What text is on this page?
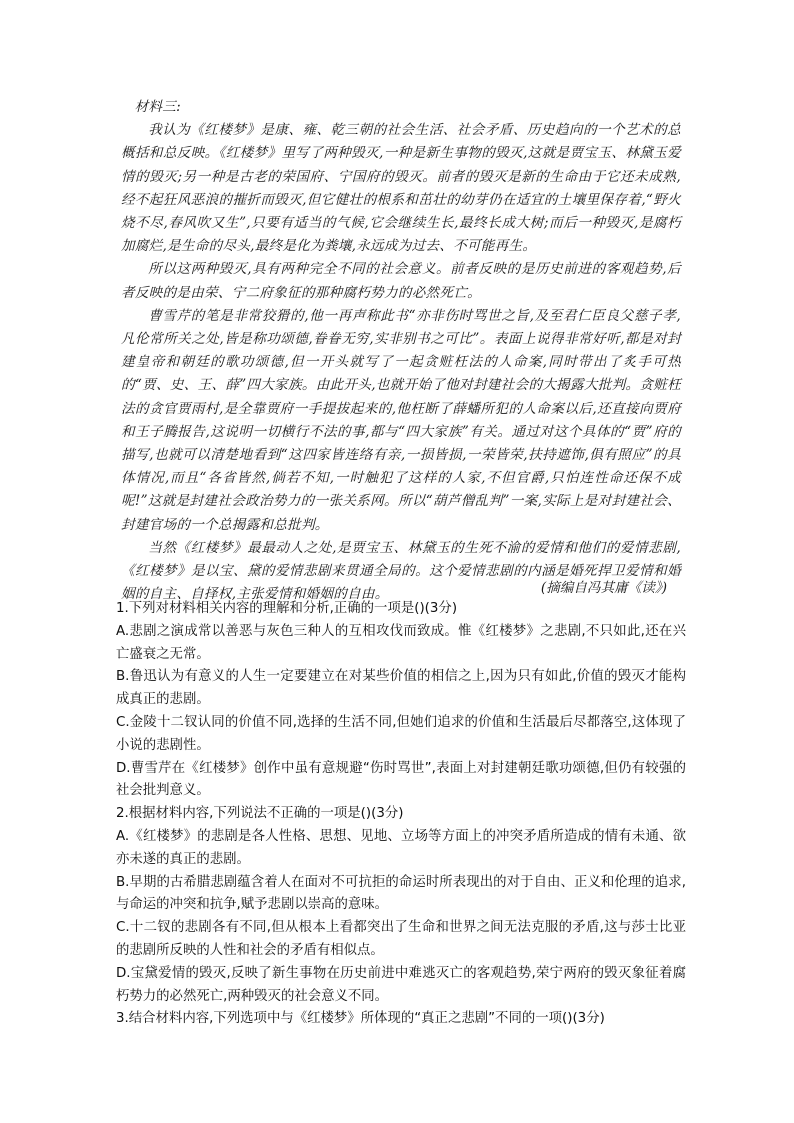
材料三:

我认为《红楼梦》是康、雍、乾三朝的社会生活、社会矛盾、历史趋向的一个艺术的总概括和总反映。《红楼梦》里写了两种毁灭,一种是新生事物的毁灭,这就是贾宝玉、林黛玉爱情的毁灭;另一种是古老的荣国府、宁国府的毁灭。前者的毁灭是新的生命由于它还未成熟,经不起狂风恶浪的摧折而毁灭,但它健壮的根系和茁壮的幼芽仍在适宜的土壤里保存着,“野火烧不尽,春风吹又生”,只要有适当的气候,它会继续生长,最终长成大树;而后一种毁灭,是腐朽加腐烂,是生命的尽头,最终是化为粪壤,永远成为过去、不可能再生。

所以这两种毁灭,具有两种完全不同的社会意义。前者反映的是历史前进的客观趋势,后者反映的是由荣、宁二府象征的那种腐朽势力的必然死亡。

曹雪芹的笔是非常狡猾的,他一再声称此书“亦非伤时骂世之旨,及至君仁臣良父慈子孝,凡伦常所关之处,皆是称功颂德,眷眷无穷,实非别书之可比”。表面上说得非常好听,都是对封建皇帝和朝廷的歌功颂德,但一开头就写了一起贪赃枉法的人命案,同时带出了炙手可热的“贾、史、王、薛”四大家族。由此开头,也就开始了他对封建社会的大揭露大批判。贪赃枉法的贪官贾雨村,是全靠贾府一手提拔起来的,他枉断了薛蟠所犯的人命案以后,还直接向贾府和王子腾报告,这说明一切横行不法的事,都与“四大家族”有关。通过对这个具体的“贾”府的描写,也就可以清楚地看到“这四家皆连络有亲,一损皆损,一荣皆荣,扶持遮饰,俱有照应”的具体情况,而且“各省皆然,倘若不知,一时触犯了这样的人家,不但官爵,只怕连性命还保不成呢!”这就是封建社会政治势力的一张关系网。所以“葫芦僧乱判”一案,实际上是对封建社会、封建官场的一个总揭露和总批判。

当然《红楼梦》最最动人之处,是贾宝玉、林黛玉的生死不渝的爱情和他们的爱情悲剧,《红楼梦》是以宝、黛的爱情悲剧来贯通全局的。这个爱情悲剧的内涵是婚死捍卫爱情和婚姻的自主、自择权,主张爱情和婚姻的自由。	(摘编自冯其庸《读》)

1.下列对材料相关内容的理解和分析,正确的一项是()(3分)

A.悲剧之演成常以善恶与灰色三种人的互相攻伐而致成。惟《红楼梦》之悲剧,不只如此,还在兴亡盛衰之无常。

B.鲁迅认为有意义的人生一定要建立在对某些价值的相信之上,因为只有如此,价值的毁灭才能构成真正的悲剧。

C.金陵十二钗认同的价值不同,选择的生活不同,但她们追求的价值和生活最后尽都落空,这体现了小说的悲剧性。

D.曹雪芹在《红楼梦》创作中虽有意规避“伤时骂世”,表面上对封建朝廷歌功颂德,但仍有较强的社会批判意义。

2.根据材料内容,下列说法不正确的一项是()(3分)

A.《红楼梦》的悲剧是各人性格、思想、见地、立场等方面上的冲突矛盾所造成的情有未通、欲亦未遂的真正的悲剧。

B.早期的古希腊悲剧蕴含着人在面对不可抗拒的命运时所表现出的对于自由、正义和伦理的追求,与命运的冲突和抗争,赋予悲剧以崇高的意味。

C.十二钗的悲剧各有不同,但从根本上看都突出了生命和世界之间无法克服的矛盾,这与莎士比亚的悲剧所反映的人性和社会的矛盾有相似点。

D.宝黛爱情的毁灭,反映了新生事物在历史前进中难逃灭亡的客观趋势,荣宁两府的毁灭象征着腐朽势力的必然死亡,两种毁灭的社会意义不同。

3.结合材料内容,下列选项中与《红楼梦》所体现的“真正之悲剧”不同的一项()(3分)
